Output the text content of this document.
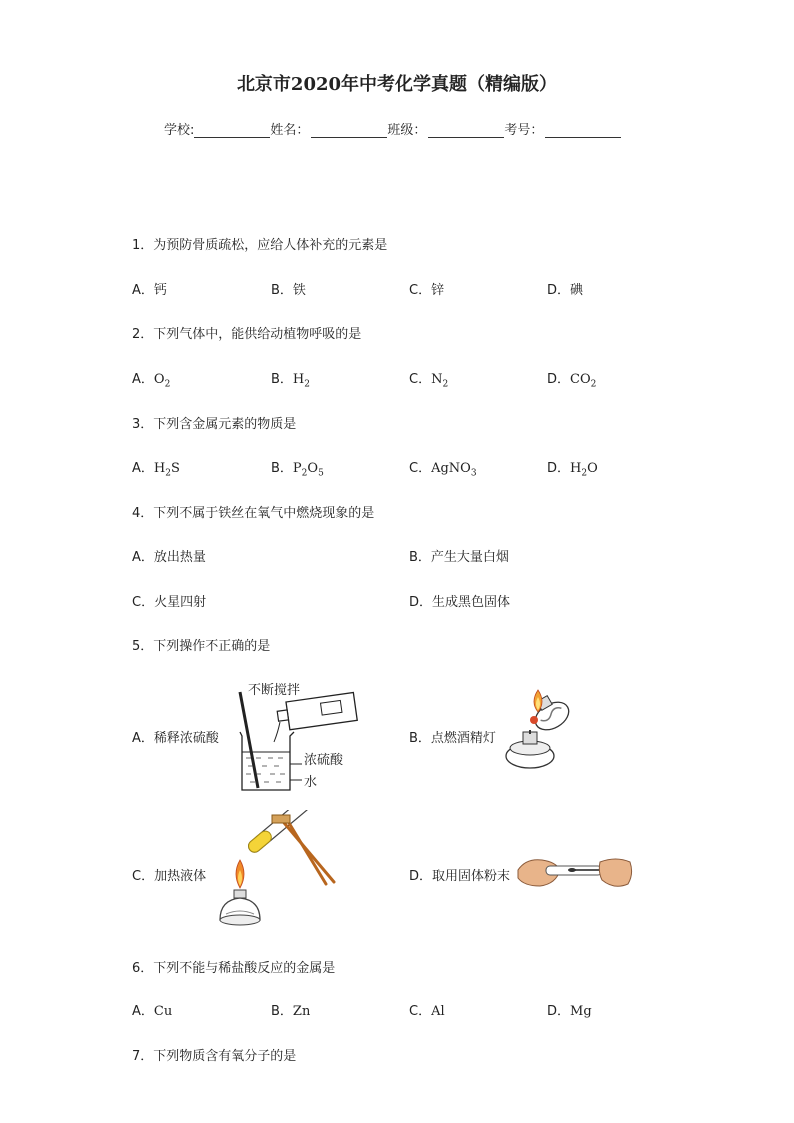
北京市2020年中考化学真题（精编版）
学校:	姓名：	班级：	考号：
1．为预防骨质疏松，应给人体补充的元素是
A．钙	B．铁	C．锌	D．碘
2．下列气体中，能供给动植物呼吸的是
A．$O_2$	B．$H_2$	C．$N_2$	D．$CO_2$
3．下列含金属元素的物质是
A．$H_2S$	B．$P_2O_5$	C．AgNO$_3$	D．$H_2O$
4．下列不属于铁丝在氧气中燃烧现象的是
A．放出热量	B．产生大量白烟
C．火星四射	D．生成黑色固体
5．下列操作不正确的是
A．稀释浓硫酸
不断搅拌
浓硫酸
水
B．点燃酒精灯
C．加热液体	D．取用固体粉末
6．下列不能与稀盐酸反应的金属是
A．Cu	B．Zn	C．Al	D．Mg
7．下列物质含有氧分子的是
